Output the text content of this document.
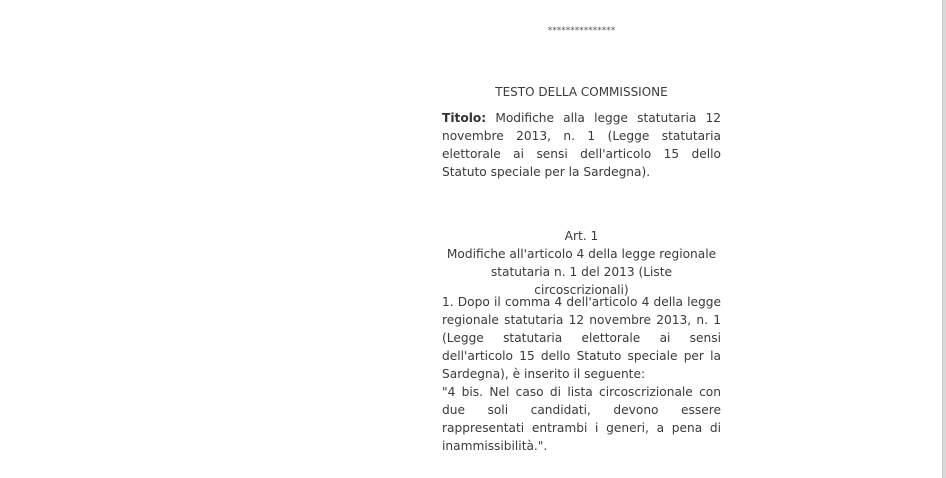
***************
TESTO DELLA COMMISSIONE
Titolo: Modifiche alla legge statutaria 12 novembre 2013, n. 1 (Legge statutaria elettorale ai sensi dell'articolo 15 dello Statuto speciale per la Sardegna).
Art. 1
Modifiche all'articolo 4 della legge regionale
statutaria n. 1 del 2013 (Liste circoscrizionali)
1. Dopo il comma 4 dell'articolo 4 della legge regionale statutaria 12 novembre 2013, n. 1 (Legge statutaria elettorale ai sensi dell'articolo 15 dello Statuto speciale per la Sardegna), è inserito il seguente:
"4 bis. Nel caso di lista circoscrizionale con due soli candidati, devono essere rappresentati entrambi i generi, a pena di inammissibilità.".
